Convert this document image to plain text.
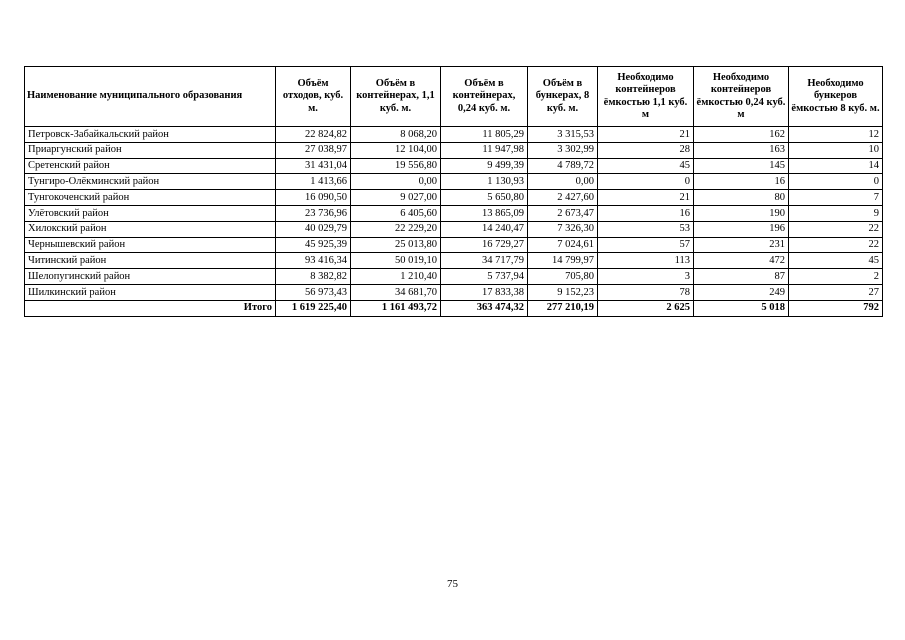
Наименование муниципального образования	Объём отходов, куб. м.	Объём в контейнерах, 1,1 куб. м.	Объём в контейнерах, 0,24 куб. м.	Объём в бункерах, 8 куб. м.	Необходимо контейнеров ёмкостью 1,1 куб. м	Необходимо контейнеров ёмкостью 0,24 куб. м	Необходимо бункеров ёмкостью 8 куб. м.
Петровск-Забайкальский район	22 824,82	8 068,20	11 805,29	3 315,53	21	162	12
Приаргунский район	27 038,97	12 104,00	11 947,98	3 302,99	28	163	10
Сретенский район	31 431,04	19 556,80	9 499,39	4 789,72	45	145	14
Тунгиро-Олёкминский район	1 413,66	0,00	1 130,93	0,00	0	16	0
Тунгокоченский район	16 090,50	9 027,00	5 650,80	2 427,60	21	80	7
Улётовский район	23 736,96	6 405,60	13 865,09	2 673,47	16	190	9
Хилокский район	40 029,79	22 229,20	14 240,47	7 326,30	53	196	22
Чернышевский район	45 925,39	25 013,80	16 729,27	7 024,61	57	231	22
Читинский район	93 416,34	50 019,10	34 717,79	14 799,97	113	472	45
Шелопугинский район	8 382,82	1 210,40	5 737,94	705,80	3	87	2
Шилкинский район	56 973,43	34 681,70	17 833,38	9 152,23	78	249	27
Итого	1 619 225,40	1 161 493,72	363 474,32	277 210,19	2 625	5 018	792
75
